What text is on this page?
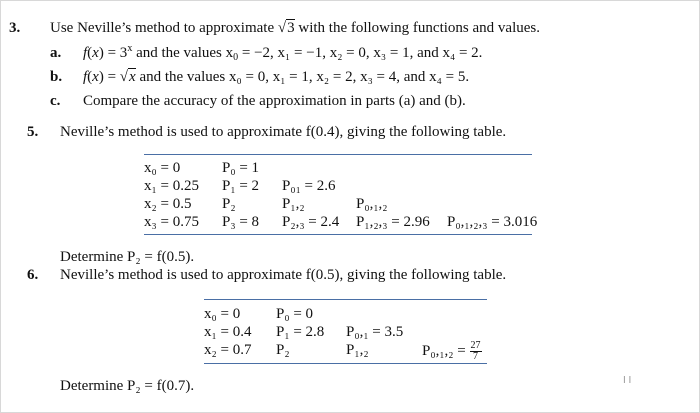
3. Use Neville’s method to approximate √3 with the following functions and values.
a. $f(x) = 3^x$ and the values $x_0 = -2$, x₁ = −1, x₂ = 0, x₃ = 1, and x₄ = 2.
b. f(x) = √x and the values x₀ = 0, x₁ = 1, x₂ = 2, x₃ = 4, and x₄ = 5.
c. Compare the accuracy of the approximation in parts (a) and (b).
5. Neville’s method is used to approximate f(0.4), giving the following table.
x₀ = 0	P₀ = 1
x₁ = 0.25 P₁ = 2 P₀₁ = 2.6
x₂ = 0.5 P₂	P₁,₂	P₀,₁,₂
x₃ = 0.75 P₃ = 8 P₂,₃ = 2.4 P₁,₂,₃ = 2.96 P₀,₁,₂,₃ = 3.016
Determine P₂ = f(0.5).
6. Neville’s method is used to approximate f(0.5), giving the following table.
x₀ = 0 P₀ = 0
x₁ = 0.4 P₁ = 2.8 P₀,₁ = 3.5
x₂ = 0.7 P₂	P₁,₂	$P_0,_1,_2 = \frac{27}{7}$
Determine P₂ = f(0.7).	I I
